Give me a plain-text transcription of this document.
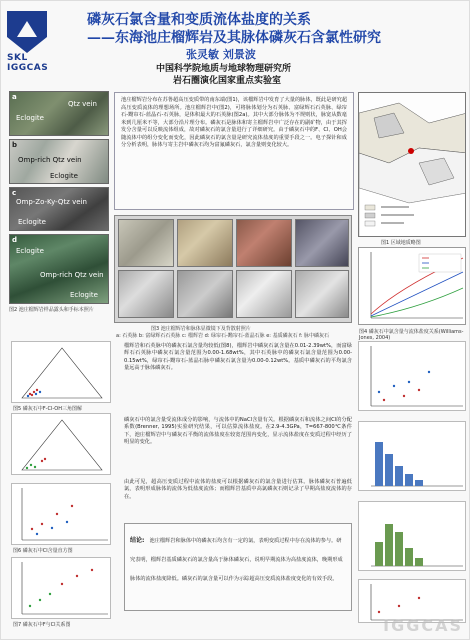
SKL IGGCAS
磷灰石氯含量和变质流体盐度的关系
——东海池庄榴辉岩及其脉体磷灰石含氯性研究
张灵敏 刘景波
中国科学院地质与地球物理研究所
岩石圈演化国家重点实验室
a
Eclogite
Qtz vein
b
Omp-rich Qtz vein
Eclogite
c
Omp-Zo-Ky-Qtz vein
Eclogite
d
Eclogite
Omp-rich Qtz vein
Eclogite
图2 池庄榴辉岩样品露头和手标本照片

池庄榴辉岩分布在苏鲁超高压变质带的南东端(图1)，该榴辉岩中发育了大量的脉体，既此是研究超高压变质流体的理想场所。池庄榴辉岩中(图2)，可将脉体划分为石英脉、富绿辉石石英脉、绿帘石-黝帘石-蓝晶石-石英脉，是体积最大的石英脉(图2a)。其中大部分脉体为不规则状，脉宽从数毫米到几厘米不等，大部分沿片理分布。磷灰石是脉体和寄主榴辉岩中广泛存在的副矿物，由于其挥发分含量可以反映流体组成，故对磷灰石的氯含量进行了详细研究。由于磷灰石中的F、Cl、OH会随流体中的组分变化而变化，因此磷灰石的氯含量是研究流体盐度的重要手段之一。电子探针和成分分析表明，脉体与寄主岩中磷灰石均为富氟磷灰石，氯含量则变化较大。

图1 区域地质略图
图3 池庄榴辉岩和脉体显微镜下及背散射照片
a: 石英脉 b: 富绿辉石石英脉 c: 榴辉岩 d: 绿帘石-黝帘石-蓝晶石脉 e: 基质磷灰石 f: 脉中磷灰石
图4 磷灰石中氯含量与流体盐度关系(Williams-Jones, 2004)
图5 磷灰石中F-Cl-OH三角图解
图6 磷灰石中Cl含量直方图
图7 磷灰石中F与Cl关系图
榴辉岩和石英脉中的磷灰石氯含量均较低(图8)，榴辉岩中磷灰石氯含量在0.01-2.39wt%，而富绿辉石石英脉中磷灰石氯含量范围为0.00-1.68wt%，其中石英脉中的磷灰石氯含量范围为0.00-0.15wt%，绿帘石-黝帘石-蓝晶石脉中磷灰石氯含量为0.00-0.12wt%。基质中磷灰石的平均氯含量远高于脉体磷灰石。
磷灰石中的氯含量受流体成分的影响，与流体中的NaCl含量有关。根据磷灰石和流体之间Cl的分配系数(Brenner, 1995)实验研究结果，可以估算流体盐度。在2.9-4.3GPa，T=667-800℃条件下，池庄榴辉岩中与磷灰石平衡的流体盐度在较宽范围内变化，显示流体盐度在变质过程中经历了明显的变化。
由此可见，超高压变质过程中流体的盐度可以根据磷灰石的氯含量进行估算。脉体磷灰石普遍低氯，表明形成脉体的流体为低盐度流体；而榴辉岩基质中高氯磷灰石则记录了早期高盐度流体的存在。
结论: 池庄榴辉岩和脉体中的磷灰石均含有一定的氯，表明变质过程中存在流体的参与。研究表明，榴辉岩基质磷灰石的氯含量高于脉体磷灰石，说明早期流体为高盐度流体，晚期形成脉体的流体盐度降低。磷灰石的氯含量可以作为示踪超高压变质流体盐度变化的有效手段。
IGGCAS
